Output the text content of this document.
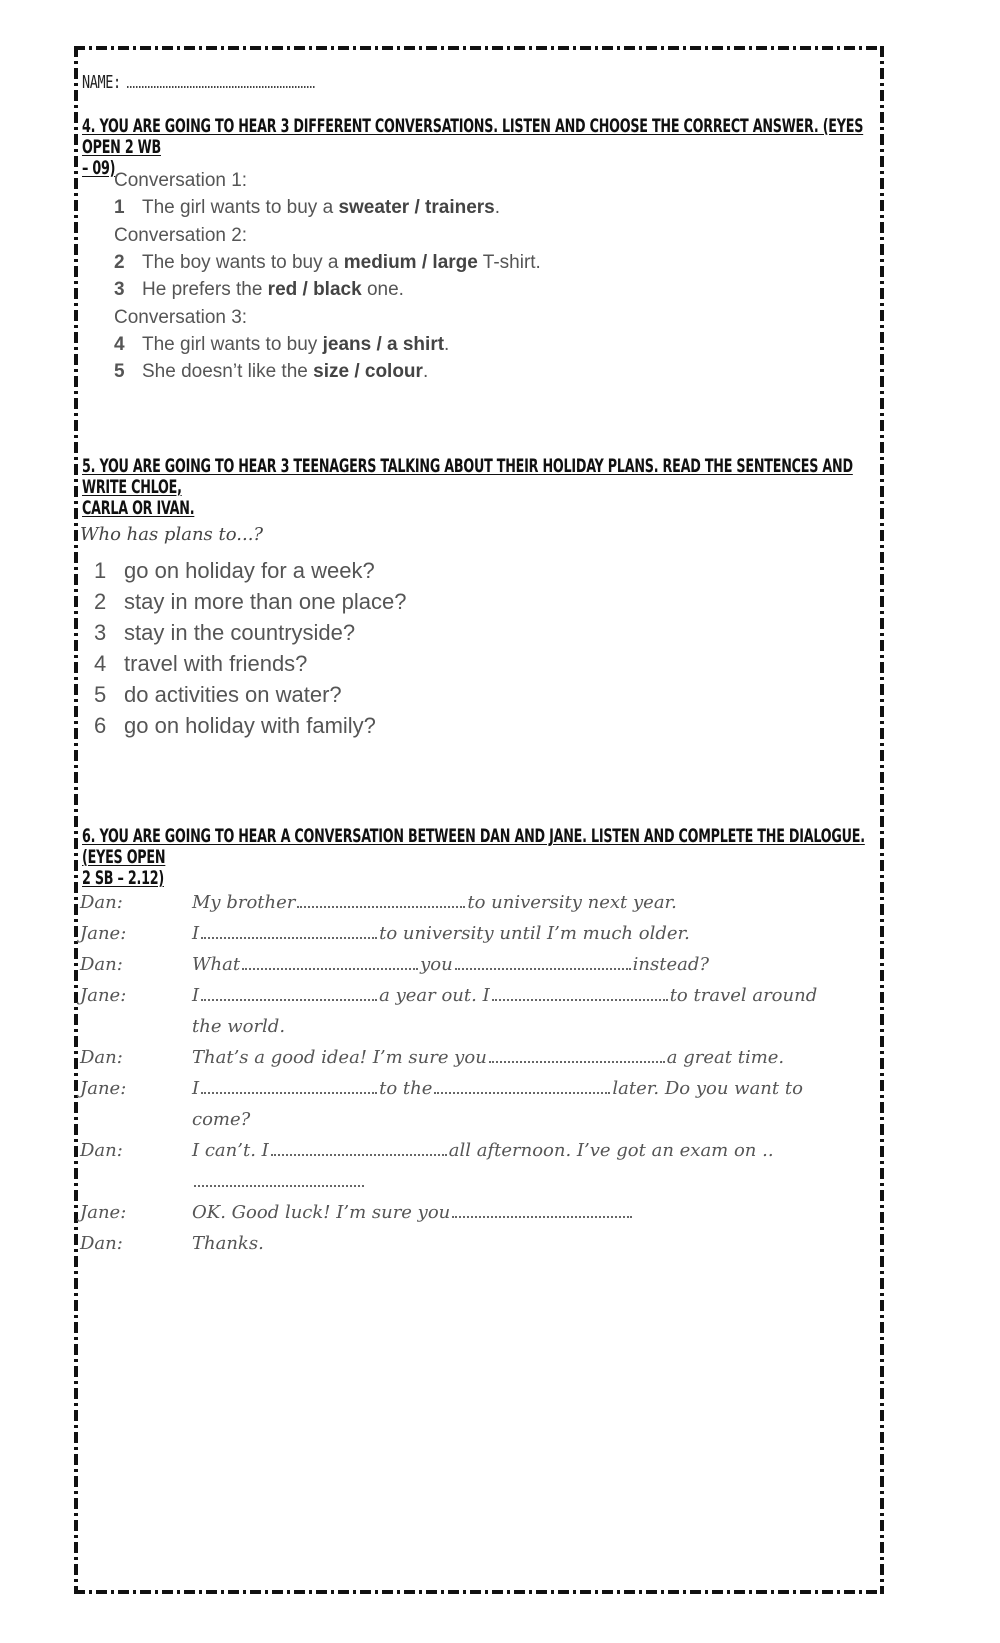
NAME:
4. YOU ARE GOING TO HEAR 3 DIFFERENT CONVERSATIONS. LISTEN AND CHOOSE THE CORRECT ANSWER. (EYES OPEN 2 WB
– 09)
Conversation 1:
1 The girl wants to buy a sweater / trainers.
Conversation 2:
2 The boy wants to buy a medium / large T-shirt.
3 He prefers the red / black one.
Conversation 3:
4 The girl wants to buy jeans / a shirt.
5 She doesn’t like the size / colour.
5. YOU ARE GOING TO HEAR 3 TEENAGERS TALKING ABOUT THEIR HOLIDAY PLANS. READ THE SENTENCES AND WRITE CHLOE,
CARLA OR IVAN.
Who has plans to...?
1 go on holiday for a week?
2 stay in more than one place?
3 stay in the countryside?
4 travel with friends?
5 do activities on water?
6 go on holiday with family?
6. YOU ARE GOING TO HEAR A CONVERSATION BETWEEN DAN AND JANE. LISTEN AND COMPLETE THE DIALOGUE. (EYES OPEN
2 SB – 2.12)
Dan:	My brother	to university next year.
Jane:	I	to university until I’m much older.
Dan:	What	you	instead?
Jane:	I	a year out. I	to travel around
the world.
Dan:	That’s a good idea! I’m sure you	a great time.
Jane:	I	to the	later. Do you want to
come?
Dan:	I can’t. I	all afternoon. I’ve got an exam on ..
Jane:	OK. Good luck! I’m sure you
Dan:	Thanks.
